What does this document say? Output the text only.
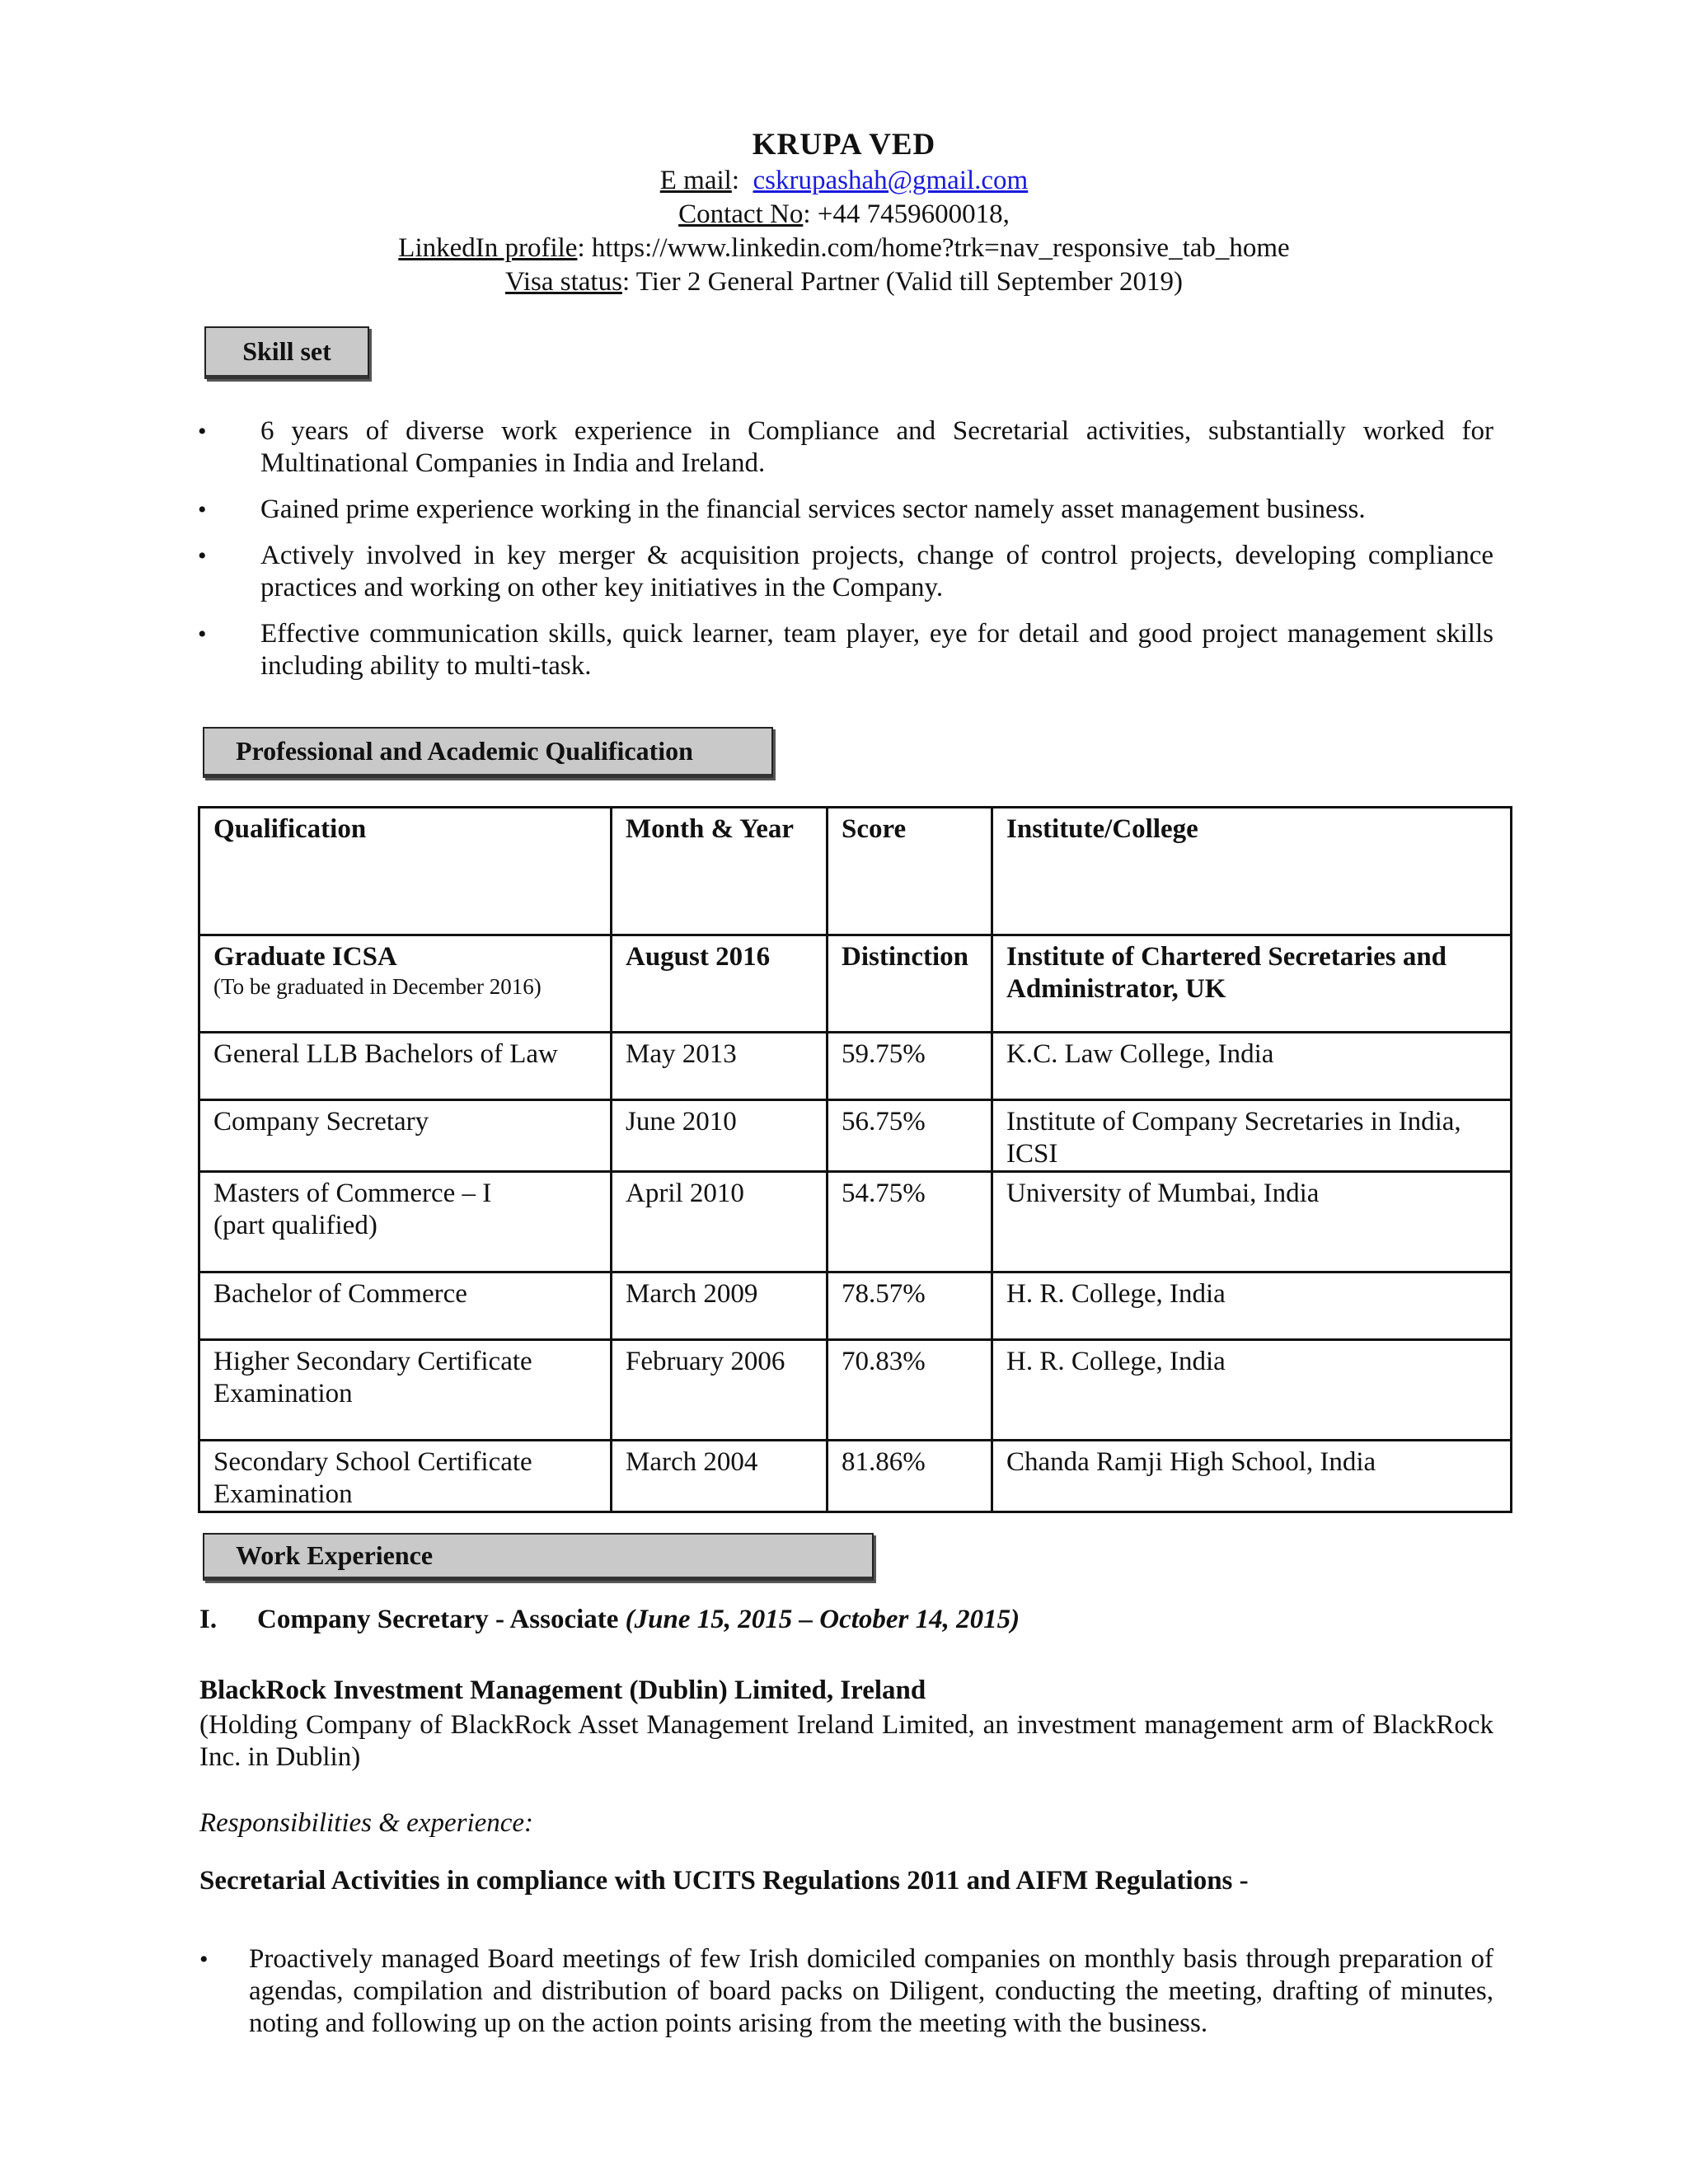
KRUPA VED
E mail:  cskrupashah@gmail.com
Contact No: +44 7459600018,
LinkedIn profile: https://www.linkedin.com/home?trk=nav_responsive_tab_home
Visa status: Tier 2 General Partner (Valid till September 2019)
Skill set
• 6 years of diverse work experience in Compliance and Secretarial activities, substantially worked for Multinational Companies in India and Ireland.
• Gained prime experience working in the financial services sector namely asset management business.
• Actively involved in key merger & acquisition projects, change of control projects, developing compliance practices and working on other key initiatives in the Company.
• Effective communication skills, quick learner, team player, eye for detail and good project management skills including ability to multi-task.
Professional and Academic Qualification
Qualification	Month & Year	Score	Institute/College
Graduate ICSA
(To be graduated in December 2016)	August 2016	Distinction	Institute of Chartered Secretaries and Administrator, UK
General LLB Bachelors of Law	May 2013	59.75%	K.C. Law College, India
Company Secretary	June 2010	56.75%	Institute of Company Secretaries in India, ICSI
Masters of Commerce – I
(part qualified)	April 2010	54.75%	University of Mumbai, India
Bachelor of Commerce	March 2009	78.57%	H. R. College, India
Higher Secondary Certificate Examination	February 2006	70.83%	H. R. College, India
Secondary School Certificate Examination	March 2004	81.86%	Chanda Ramji High School, India
Work Experience
I. Company Secretary - Associate (June 15, 2015 – October 14, 2015)
BlackRock Investment Management (Dublin) Limited, Ireland
(Holding Company of BlackRock Asset Management Ireland Limited, an investment management arm of BlackRock Inc. in Dublin)
Responsibilities & experience:
Secretarial Activities in compliance with UCITS Regulations 2011 and AIFM Regulations -
• Proactively managed Board meetings of few Irish domiciled companies on monthly basis through preparation of agendas, compilation and distribution of board packs on Diligent, conducting the meeting, drafting of minutes, noting and following up on the action points arising from the meeting with the business.
